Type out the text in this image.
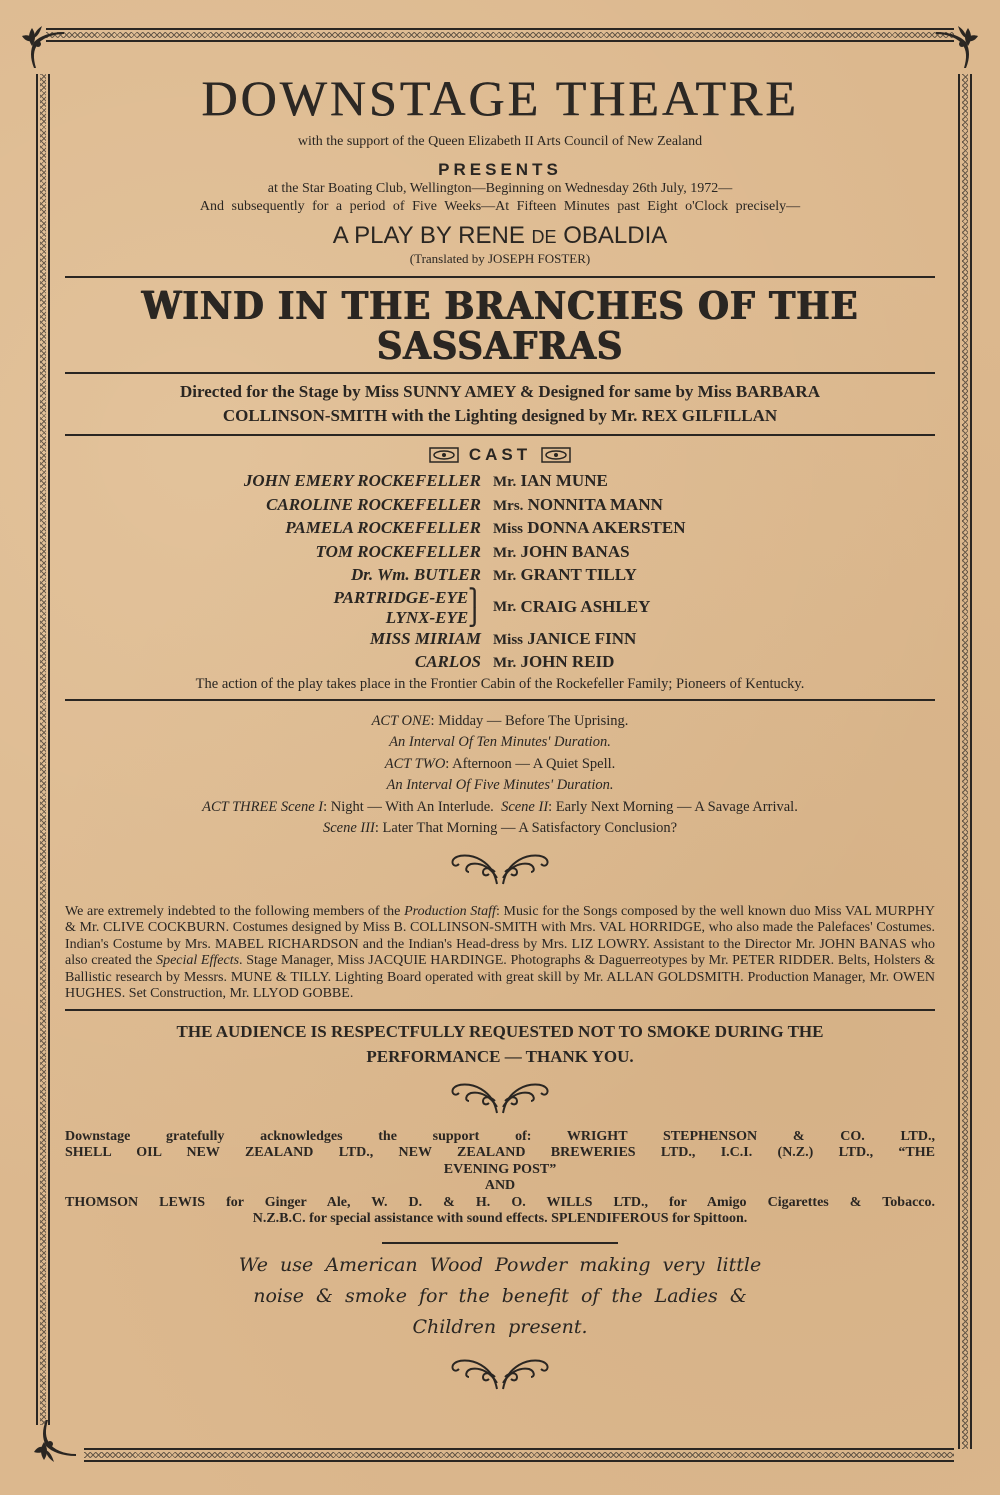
DOWNSTAGE THEATRE
with the support of the Queen Elizabeth II Arts Council of New Zealand
PRESENTS
at the Star Boating Club, Wellington—Beginning on Wednesday 26th July, 1972—
And subsequently for a period of Five Weeks—At Fifteen Minutes past Eight o'Clock precisely—
A PLAY BY RENE DE OBALDIA
(Translated by JOSEPH FOSTER)
WIND IN THE BRANCHES OF THE
SASSAFRAS
Directed for the Stage by Miss SUNNY AMEY & Designed for same by Miss BARBARA
COLLINSON-SMITH with the Lighting designed by Mr. REX GILFILLAN
CAST
JOHN EMERY ROCKEFELLER Mr. IAN MUNE
CAROLINE ROCKEFELLER Mrs. NONNITA MANN
PAMELA ROCKEFELLER Miss DONNA AKERSTEN
TOM ROCKEFELLER Mr. JOHN BANAS
Dr. Wm. BUTLER Mr. GRANT TILLY
PARTRIDGE-EYE⎫
LYNX-EYE⎭
Mr.
CRAIG ASHLEY
MISS MIRIAM Miss JANICE FINN
CARLOS Mr. JOHN REID
The action of the play takes place in the Frontier Cabin of the Rockefeller Family; Pioneers of Kentucky.
ACT ONE: Midday — Before The Uprising.
An Interval Of Ten Minutes' Duration.
ACT TWO: Afternoon — A Quiet Spell.
An Interval Of Five Minutes' Duration.
ACT THREE Scene I: Night — With An Interlude.  Scene II: Early Next Morning — A Savage Arrival.
Scene III: Later That Morning — A Satisfactory Conclusion?
We are extremely indebted to the following members of the Production Staff: Music for the Songs composed by the well known duo Miss VAL MURPHY & Mr. CLIVE COCKBURN. Costumes designed by Miss B. COLLINSON-SMITH with Mrs. VAL HORRIDGE, who also made the Palefaces' Costumes. Indian's Costume by Mrs. MABEL RICHARDSON and the Indian's Head-dress by Mrs. LIZ LOWRY. Assistant to the Director Mr. JOHN BANAS who also created the Special Effects. Stage Manager, Miss JACQUIE HARDINGE. Photographs & Daguerreotypes by Mr. PETER RIDDER. Belts, Holsters & Ballistic research by Messrs. MUNE & TILLY. Lighting Board operated with great skill by Mr. ALLAN GOLDSMITH. Production Manager, Mr. OWEN HUGHES. Set Construction, Mr. LLYOD GOBBE.
THE AUDIENCE IS RESPECTFULLY REQUESTED NOT TO SMOKE DURING THE
PERFORMANCE — THANK YOU.
Downstage gratefully acknowledges the support of: WRIGHT STEPHENSON & CO. LTD.,
SHELL OIL NEW ZEALAND LTD., NEW ZEALAND BREWERIES LTD., I.C.I. (N.Z.) LTD., “THE
EVENING POST”
AND
THOMSON LEWIS for Ginger Ale, W. D. & H. O. WILLS LTD., for Amigo Cigarettes & Tobacco.
N.Z.B.C. for special assistance with sound effects. SPLENDIFEROUS for Spittoon.
We use American Wood Powder making very little
noise & smoke for the benefit of the Ladies &
Children present.
